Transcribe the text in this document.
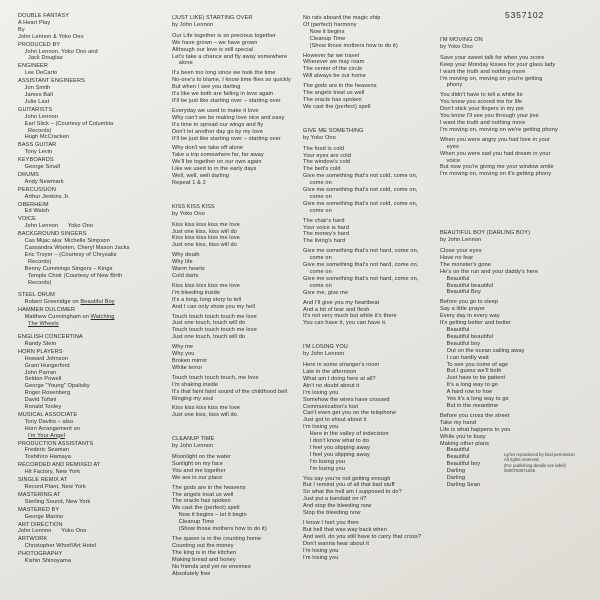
5357102
DOUBLE FANTASY
A Heart Play
By
John Lennon & Yoko Ono
PRODUCED BY
John Lennon, Yoko Ono and
Jack Douglas
ENGINEER
Lee DeCarlo
ASSISTANT ENGINEERS
Jon Smith
James Ball
Julie Last
GUITARISTS
John Lennon
Earl Slick – (Courtesy of Columbia
Records)
Hugh McCracken
BASS GUITAR
Tony Levin
KEYBOARDS
George Small
DRUMS
Andy Newmark
PERCUSSION
Arthur Jenkins Jr.
OBERHEIM
Ed Walsh
VOICE
John Lennon      Yoko Ono
BACKGROUND SINGERS
Cas Mijac aka: Michelle Simpson
Cassandra Wooten, Cheryl Mason Jacks
Eric Troyer – (Courtesy of Chrysalis
Records)
Benny Cummings Singers – Kings
Temple Choir (Courtesy of New Birth
Records)
STEEL DRUM
Robert Greenidge on Beautiful Boy
HAMMER DULCIMER
Matthew Cunningham on Watching
The Wheels
ENGLISH CONCERTINA
Randy Stein
HORN PLAYERS
Howard Johnson
Grant Hungerford
John Parran
Seldon Powell
George "Young" Opalisky
Roger Rosenberg
David Tofani
Ronald Tooley
MUSICAL ASSOCIATE
Tony Davilio – also
Horn Arrangement on
I'm Your Angel
PRODUCTION ASSISTANTS
Frederic Seaman
Toshihiro Hamaya
RECORDED AND REMIXED AT
Hit Factory, New York
SINGLE REMIX AT
Record Plant, New York
MASTERING AT
Sterling Sound, New York
MASTERED BY
George Marino
ART DIRECTION
John Lennon      Yoko Ono
ARTWORK
Christopher Whorf/Art Hotel
PHOTOGRAPHY
Kishin Shinoyama
(JUST LIKE) STARTING OVER
by John Lennon
Our Life together is so precious together
We have grown – we have grown
Although our love is still special
Let's take a chance and fly away somewhere
alone
It's been too long since we took the time
No-one's to blame, I know time flies so quickly
But when I see you darling
It's like we both are falling in love again
It'll be just like starting over – starting over
Everyday we used to make it love
Why can't we be making love nice and easy
It's time to spread our wings and fly
Don't let another day go by my love
It'll be just like starting over – starting over
Why don't we take off alone
Take a trip somewhere far, far away
We'll be together on our own again
Like we used to in the early days
Well, well, well darling
Repeat 1 & 2
KISS KISS KISS
by Yoko Ono
Kiss kiss kiss kiss me love
Just one kiss, kiss will do
Kiss kiss kiss kiss me love
Just one kiss, kiss will do
Why death
Why life
Warm hearts
Cold darts
Kiss kiss kiss kiss me love
I'm bleeding inside
It's a long, long story to tell
And I can only show you my hell
Touch touch touch touch me love
Just one touch, touch will do
Touch touch touch touch me love
Just one touch, touch will do
Why me
Why you
Broken mirror
White terror
Touch touch touch touch, me love
I'm shaking inside
It's that faint faint sound of the childhood bell
Ringing my soul
Kiss kiss kiss kiss me love
Just one kiss, kiss will do.
CLEANUP TIME
by John Lennon
Moonlight on the water
Sunlight on my face
You and me together
We are in our place
The gods are in the heavens
The angels treat us well
The oracle has spoken
We cast the (perfect) spell
Now it begins – let it begin
Cleanup Time
(Show those mothers how to do it)
The queen is in the counting home
Counting out the money
The king is in the kitchen
Making bread and honey
No friends and yet no enemies
Absolutely free
No rats aboard the magic ship
Of (perfect) harmony
Now it begins
Cleanup Time
(Show those mothers how to do it)
However far we travel
Wherever we may roam
The center of the circle
Will always be our home
The gods are in the heavens
The angels treat us well
The oracle has spoken
We cast the (perfect) spell
GIVE ME SOMETHING
by Yoko Ono
The food is cold
Your eyes are cold
The window's cold
The bed's cold
Give me something that's not cold, come on,
come on
Give me something that's not cold, come on,
come on
Give me something that's not cold, come on,
come on
The chair's hard
Your voice is hard
The money's hard
The living's hard
Give me something that's not hard, come on,
come on
Give me something that's not hard, come on,
come on
Give me something that's not hard, come on,
come on
Give me, give me
And I'll give you my heartbeat
And a bit of tear and flesh
It's not very much but while it's there
You can have it, you can have it.
I'M LOSING YOU
by John Lennon
Here in some stranger's room
Late in the afternoon
What am I doing here at all?
Ain't no doubt about it
I'm losing you
Somehow the wires have crossed
Communication's lost
Can't even get you on the telephone
Just got to shout about it
I'm losing you
Here in the valley of indecision
I don't know what to do
I feel you slipping away
I feel you slipping away
I'm losing you
I'm losing you
You say you're not getting enough
But I remind you of all that bad stuff
So what the hell am I supposed to do?
Just put a bandaid on it?
And stop the bleeding now
Stop the bleeding now
I know I hurt you then
But hell that was way back when
And well, do you still have to carry that cross?
Don't wanna hear about it
I'm losing you
I'm losing you
I'M MOVING ON
by Yoko Ono
Save your sweet talk for when you score
Keep your Monday kisses for your glass lady
I want the truth and nothing more
I'm moving on, moving on you're getting
phony
You didn't have to tell a white lie
You knew you scored me for life
Don't stick your fingers in my pie
You know I'll see you through your jive
I want the truth and nothing more
I'm moving on, moving on we're getting phony
When you were angry you had love in your
eyes
When you were sad you had dream in your
voice
But now you're giving me your window smile
I'm moving on, moving on it's getting phony
BEAUTIFUL BOY (DARLING BOY)
by John Lennon
Close your eyes
Have no fear
The monster's gone
He's on the run and your daddy's here
Beautiful
Beautiful beautiful
Beautiful Boy
Before you go to sleep
Say a little prayer
Every day in every way
It's getting better and better
Beautiful
Beautiful beautiful
Beautiful boy
Out on the ocean sailing away
I can hardly wait
To see you come of age
But I guess we'll both
Just have to be patient
It's a long way to go
A hard row to hoe
Yes it's a long way to go
But in the meantime
Before you cross the street
Take my hand
Life is what happens to you
While you're busy
Making other plans
Beautiful
Beautiful
Beautiful boy
Darling
Darling
Darling Sean
Lyrics reproduced by kind permission
All rights reserved.
(For publishing details see label)
0600753571026
